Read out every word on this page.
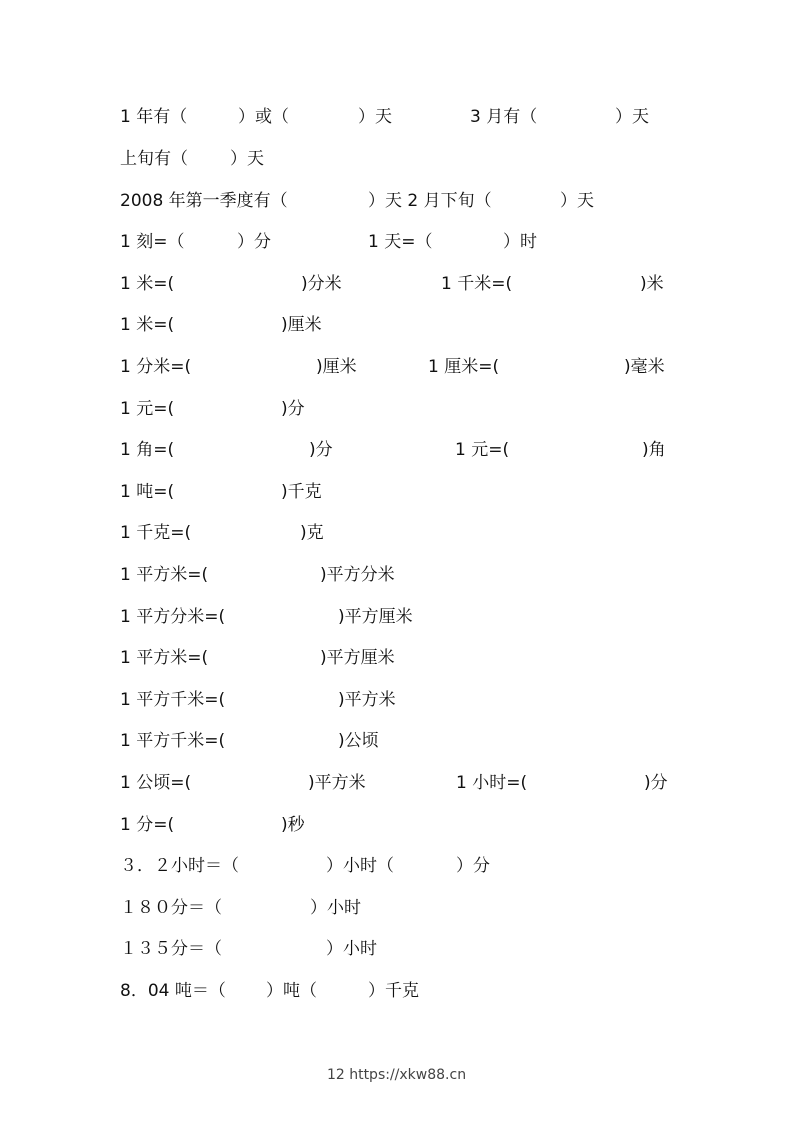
1 年有（

	）或（

	）天

	3 月有（

	）天

上旬有（

）天

2008 年第一季度有（

	）天 2 月下旬（

	）天

1 刻=（

	）分

	1 天=（

	）时

1 米=(

	)分米

	1 千米=(

	)米

1 米=(

	)厘米

1 分米=(

	)厘米

	1 厘米=(

	)毫米

1 元=(

	)分

1 角=(

	)分

	1 元=(

	)角

1 吨=(

	)千克

1 千克=(

	)克

1 平方米=(

	)平方分米

1 平方分米=(

	)平方厘米

1 平方米=(

	)平方厘米

1 平方千米=(

	)平方米

1 平方千米=(

	)公顷

1 公顷=(

	)平方米

	1 小时=(

	)分

1 分=(

	)秒

３．２小时＝（

	）小时（

	）分

１８０分＝（

	）小时

１３５分＝（

	）小时

8．04 吨＝（

）吨（

	）千克

12 https://xkw88.cn
